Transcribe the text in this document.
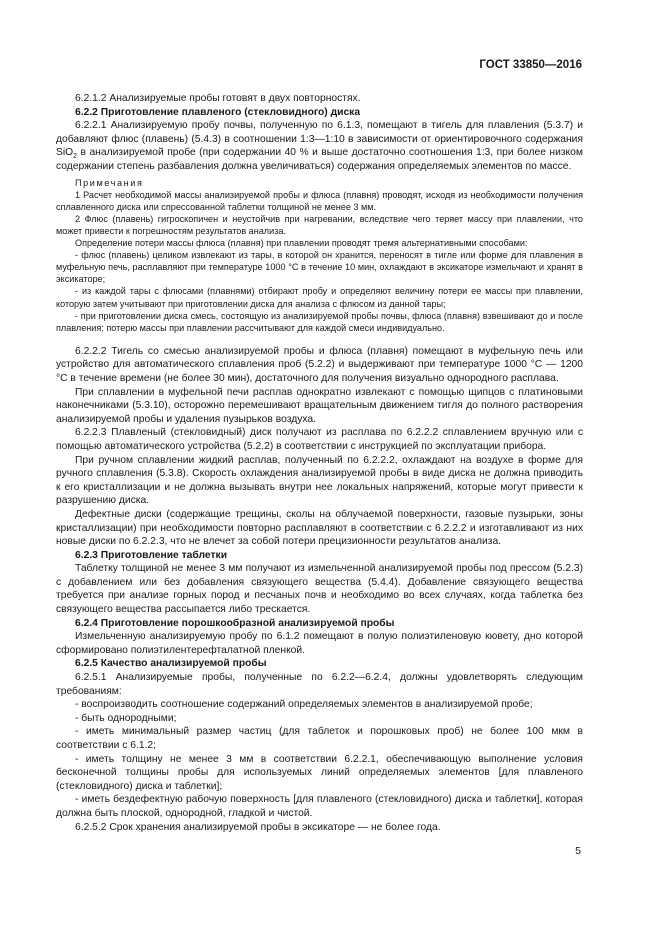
ГОСТ 33850—2016

6.2.1.2 Анализируемые пробы готовят в двух повторностях.

6.2.2 Приготовление плавленого (стекловидного) диска

6.2.2.1 Анализируемую пробу почвы, полученную по 6.1.3, помещают в тигель для плавления (5.3.7) и добавляют флюс (плавень) (5.4.3) в соотношении 1:3—1:10 в зависимости от ориентировочного содержания SiO$_2$ в анализируемой пробе (при содержании 40 % и выше достаточно соотношения 1:3, при более низком содержании степень разбавления должна увеличиваться) содержания определяемых элементов по массе.

Примечания

1 Расчет необходимой массы анализируемой пробы и флюса (плавня) проводят, исходя из необходимости получения сплавленного диска или спрессованной таблетки толщиной не менее 3 мм.

2 Флюс (плавень) гигроскопичен и неустойчив при нагревании, вследствие чего теряет массу при плавлении, что может привести к погрешностям результатов анализа.

Определение потери массы флюса (плавня) при плавлении проводят тремя альтернативными способами:

- флюс (плавень) целиком извлекают из тары, в которой он хранится, переносят в тигле или форме для плавления в муфельную печь, расплавляют при температуре 1000 °С в течение 10 мин, охлаждают в эксикаторе измельчают и хранят в эксикаторе;

- из каждой тары с флюсами (плавнями) отбирают пробу и определяют величину потери ее массы при плавлении, которую затем учитывают при приготовлении диска для анализа с флюсом из данной тары;

- при приготовлении диска смесь, состоящую из анализируемой пробы почвы, флюса (плавня) взвешивают до и после плавления; потерю массы при плавлении рассчитывают для каждой смеси индивидуально.

6.2.2.2 Тигель со смесью анализируемой пробы и флюса (плавня) помещают в муфельную печь или устройство для автоматического сплавления проб (5.2.2) и выдерживают при температуре 1000 °С — 1200 °С в течение времени (не более 30 мин), достаточного для получения визуально однородного расплава.

При сплавлении в муфельной печи расплав однократно извлекают с помощью щипцов с платиновыми наконечниками (5.3.10), осторожно перемешивают вращательным движением тигля до полного растворения анализируемой пробы и удаления пузырьков воздуха.

6.2.2.3 Плавленый (стекловидный) диск получают из расплава по 6.2.2.2 сплавлением вручную или с помощью автоматического устройства (5.2.2) в соответствии с инструкцией по эксплуатации прибора.

При ручном сплавлении жидкий расплав, полученный по 6.2.2.2, охлаждают на воздухе в форме для ручного сплавления (5.3.8). Скорость охлаждения анализируемой пробы в виде диска не должна приводить к его кристаллизации и не должна вызывать внутри нее локальных напряжений, которые могут привести к разрушению диска.

Дефектные диски (содержащие трещины, сколы на облучаемой поверхности, газовые пузырьки, зоны кристаллизации) при необходимости повторно расплавляют в соответствии с 6.2.2.2 и изготавливают из них новые диски по 6.2.2.3, что не влечет за собой потери прецизионности результатов анализа.

6.2.3 Приготовление таблетки

Таблетку толщиной не менее 3 мм получают из измельченной анализируемой пробы под прессом (5.2.3) с добавлением или без добавления связующего вещества (5.4.4). Добавление связующего вещества требуется при анализе горных пород и песчаных почв и необходимо во всех случаях, когда таблетка без связующего вещества рассыпается либо трескается.

6.2.4 Приготовление порошкообразной анализируемой пробы

Измельченную анализируемую пробу по 6.1.2 помещают в полую полиэтиленовую кювету, дно которой сформировано полиэтилентерефталатной пленкой.

6.2.5 Качество анализируемой пробы

6.2.5.1 Анализируемые пробы, полученные по 6.2.2—6.2.4, должны удовлетворять следующим требованиям:

- воспроизводить соотношение содержаний определяемых элементов в анализируемой пробе;

- быть однородными;

- иметь минимальный размер частиц (для таблеток и порошковых проб) не более 100 мкм в соответствии с 6.1.2;

- иметь толщину не менее 3 мм в соответствии 6.2.2.1, обеспечивающую выполнение условия бесконечной толщины пробы для используемых линий определяемых элементов [для плавленого (стекловидного) диска и таблетки];

- иметь бездефектную рабочую поверхность [для плавленого (стекловидного) диска и таблетки], которая должна быть плоской, однородной, гладкой и чистой.

6.2.5.2 Срок хранения анализируемой пробы в эксикаторе — не более года.

5
